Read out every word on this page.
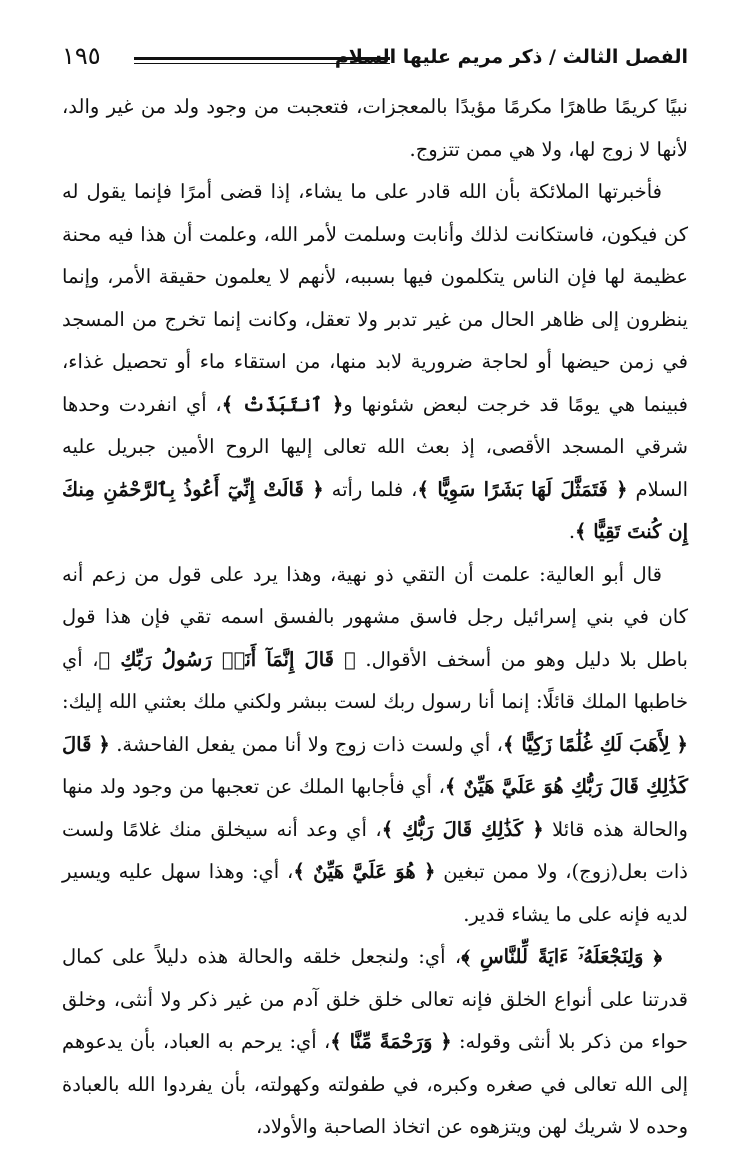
الفصل الثالث / ذكر مريم عليها السلام
١٩٥

نبيًا كريمًا طاهرًا مكرمًا مؤيدًا بالمعجزات، فتعجبت من وجود ولد من غير والد، لأنها لا زوج لها، ولا هي ممن تتزوج.

فأخبرتها الملائكة بأن الله قادر على ما يشاء، إذا قضى أمرًا فإنما يقول له كن فيكون، فاستكانت لذلك وأنابت وسلمت لأمر الله، وعلمت أن هذا فيه محنة عظيمة لها فإن الناس يتكلمون فيها بسببه، لأنهم لا يعلمون حقيقة الأمر، وإنما ينظرون إلى ظاهر الحال من غير تدبر ولا تعقل، وكانت إنما تخرج من المسجد في زمن حيضها أو لحاجة ضرورية لابد منها، من استقاء ماء أو تحصيل غذاء، فبينما هي يومًا قد خرجت لبعض شئونها و﴿ ٱنتَبَذَتْ ﴾، أي انفردت وحدها شرقي المسجد الأقصى، إذ بعث الله تعالى إليها الروح الأمين جبريل عليه السلام ﴿ فَتَمَثَّلَ لَهَا بَشَرًا سَوِيًّا ﴾، فلما رأته ﴿ قَالَتْ إِنِّيٓ أَعُوذُ بِٱلرَّحْمَٰنِ مِنكَ إِن كُنتَ تَقِيًّا ﴾.

قال أبو العالية: علمت أن التقي ذو نهية، وهذا يرد على قول من زعم أنه كان في بني إسرائيل رجل فاسق مشهور بالفسق اسمه تقي فإن هذا قول باطل بلا دليل وهو من أسخف الأقوال. ﴿ قَالَ إِنَّمَآ أَنَا۠ رَسُولُ رَبِّكِ ﴾، أي خاطبها الملك قائلًا: إنما أنا رسول ربك لست ببشر ولكني ملك بعثني الله إليك: ﴿ لِأَهَبَ لَكِ غُلَٰمًا زَكِيًّا ﴾، أي ولست ذات زوج ولا أنا ممن يفعل الفاحشة. ﴿ قَالَ كَذَٰلِكِ قَالَ رَبُّكِ هُوَ عَلَيَّ هَيِّنٌ ﴾، أي فأجابها الملك عن تعجبها من وجود ولد منها والحالة هذه قائلا ﴿ كَذَٰلِكِ قَالَ رَبُّكِ ﴾، أي وعد أنه سيخلق منك غلامًا ولست ذات بعل(زوج)، ولا ممن تبغين ﴿ هُوَ عَلَيَّ هَيِّنٌ ﴾، أي: وهذا سهل عليه ويسير لديه فإنه على ما يشاء قدير.

﴿ وَلِنَجْعَلَهُۥٓ ءَايَةً لِّلنَّاسِ ﴾، أي: ولنجعل خلقه والحالة هذه دليلاً على كمال قدرتنا على أنواع الخلق فإنه تعالى خلق خلق آدم من غير ذكر ولا أنثى، وخلق حواء من ذكر بلا أنثى وقوله: ﴿ وَرَحْمَةً مِّنَّا ﴾، أي: يرحم به العباد، بأن يدعوهم إلى الله تعالى في صغره وكبره، في طفولته وكهولته، بأن يفردوا الله بالعبادة وحده لا شريك لهن ويتزهوه عن اتخاذ الصاحبة والأولاد،
